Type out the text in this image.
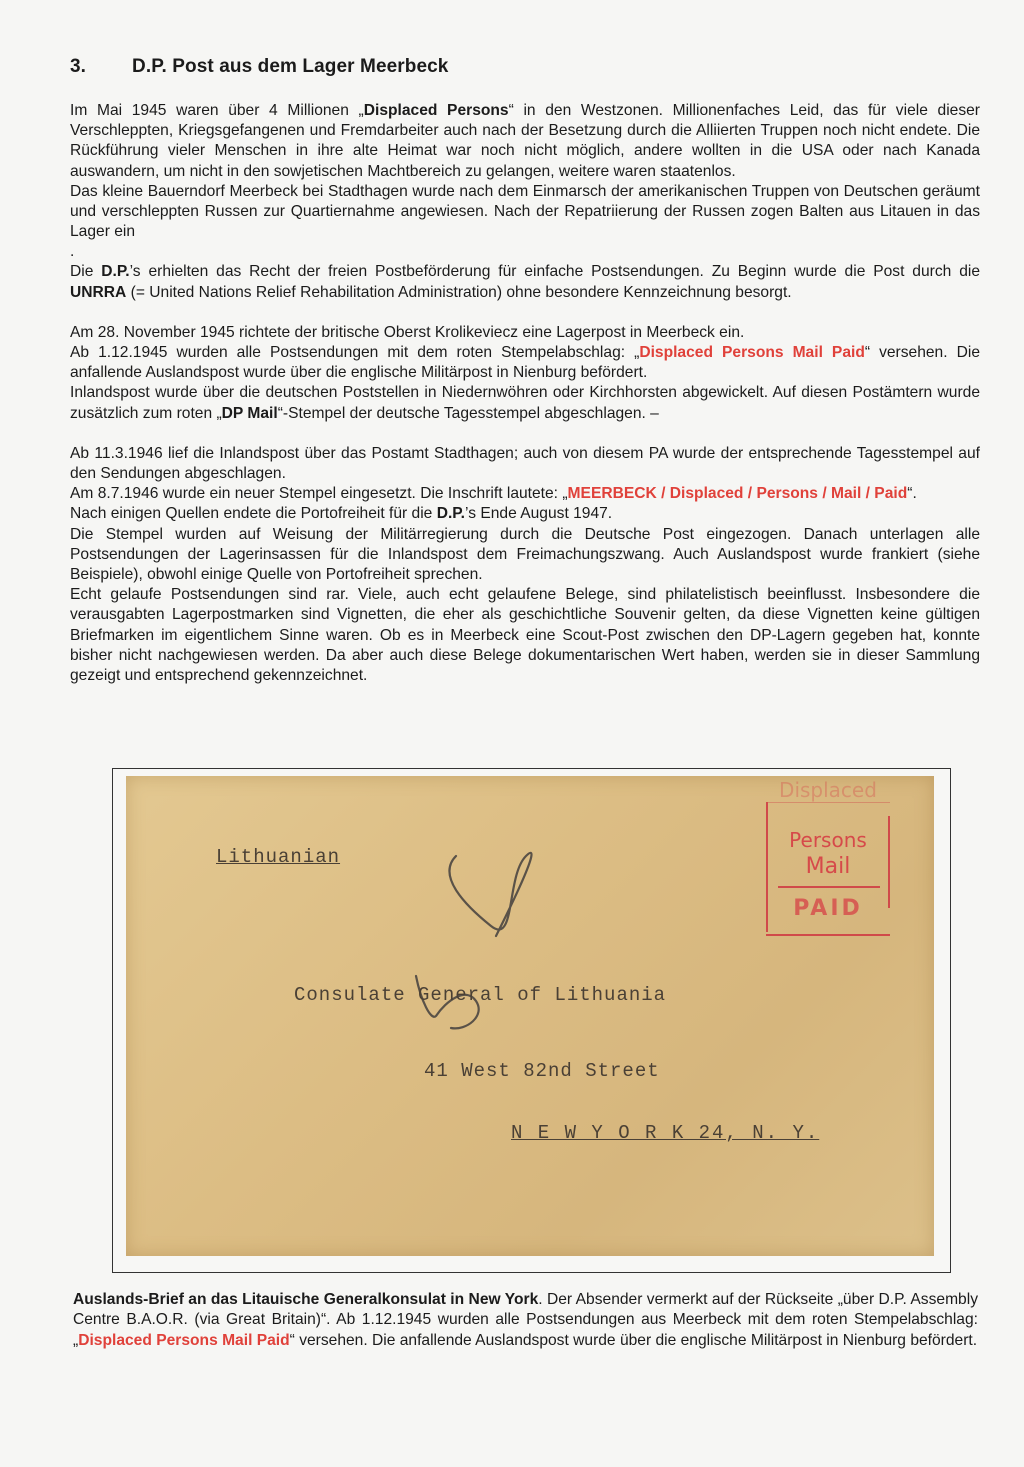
3. D.P. Post aus dem Lager Meerbeck

Im Mai 1945 waren über 4 Millionen „Displaced Persons“ in den Westzonen. Millionenfaches Leid, das für viele dieser Verschleppten, Kriegsgefangenen und Fremdarbeiter auch nach der Besetzung durch die Alliierten Truppen noch nicht endete. Die Rückführung vieler Menschen in ihre alte Heimat war noch nicht möglich, andere wollten in die USA oder nach Kanada auswandern, um nicht in den sowjetischen Machtbereich zu gelangen, weitere waren staatenlos.

Das kleine Bauerndorf Meerbeck bei Stadthagen wurde nach dem Einmarsch der amerikanischen Truppen von Deutschen geräumt und verschleppten Russen zur Quartiernahme angewiesen. Nach der Repatriierung der Russen zogen Balten aus Litauen in das Lager ein

.

Die D.P.’s erhielten das Recht der freien Postbeförderung für einfache Postsendungen. Zu Beginn wurde die Post durch die UNRRA (= United Nations Relief Rehabilitation Administration) ohne besondere Kennzeichnung besorgt.

Am 28. November 1945 richtete der britische Oberst Krolikeviecz eine Lagerpost in Meerbeck ein.

Ab 1.12.1945 wurden alle Postsendungen mit dem roten Stempelabschlag: „Displaced Persons Mail Paid“ versehen. Die anfallende Auslandspost wurde über die englische Militärpost in Nienburg befördert.

Inlandspost wurde über die deutschen Poststellen in Niedernwöhren oder Kirchhorsten abgewickelt. Auf diesen Postämtern wurde zusätzlich zum roten „DP Mail“-Stempel der deutsche Tagesstempel abgeschlagen. –

Ab 11.3.1946 lief die Inlandspost über das Postamt Stadthagen; auch von diesem PA wurde der entsprechende Tagesstempel auf den Sendungen abgeschlagen.

Am 8.7.1946 wurde ein neuer Stempel eingesetzt. Die Inschrift lautete: „MEERBECK / Displaced / Persons / Mail / Paid“.

Nach einigen Quellen endete die Portofreiheit für die D.P.’s Ende August 1947.

Die Stempel wurden auf Weisung der Militärregierung durch die Deutsche Post eingezogen. Danach unterlagen alle Postsendungen der Lagerinsassen für die Inlandspost dem Freimachungszwang. Auch Auslandspost wurde frankiert (siehe Beispiele), obwohl einige Quelle von Portofreiheit sprechen.

Echt gelaufe Postsendungen sind rar. Viele, auch echt gelaufene Belege, sind philatelistisch beeinflusst. Insbesondere die verausgabten Lagerpostmarken sind Vignetten, die eher als geschichtliche Souvenir gelten, da diese Vignetten keine gültigen Briefmarken im eigentlichem Sinne waren. Ob es in Meerbeck eine Scout-Post zwischen den DP-Lagern gegeben hat, konnte bisher nicht nachgewiesen werden. Da aber auch diese Belege dokumentarischen Wert haben, werden sie in dieser Sammlung gezeigt und entsprechend gekennzeichnet.

Lithuanian
Displaced
Persons
Mail
PAID
Consulate General of Lithuania
41 West 82nd Street
N E W Y O R K 24, N. Y.
Auslands-Brief an das Litauische Generalkonsulat in New York. Der Absender vermerkt auf der Rückseite „über D.P. Assembly Centre B.A.O.R. (via Great Britain)“. Ab 1.12.1945 wurden alle Postsendungen aus Meerbeck mit dem roten Stempelabschlag: „Displaced Persons Mail Paid“ versehen. Die anfallende Auslandspost wurde über die englische Militärpost in Nienburg befördert.
